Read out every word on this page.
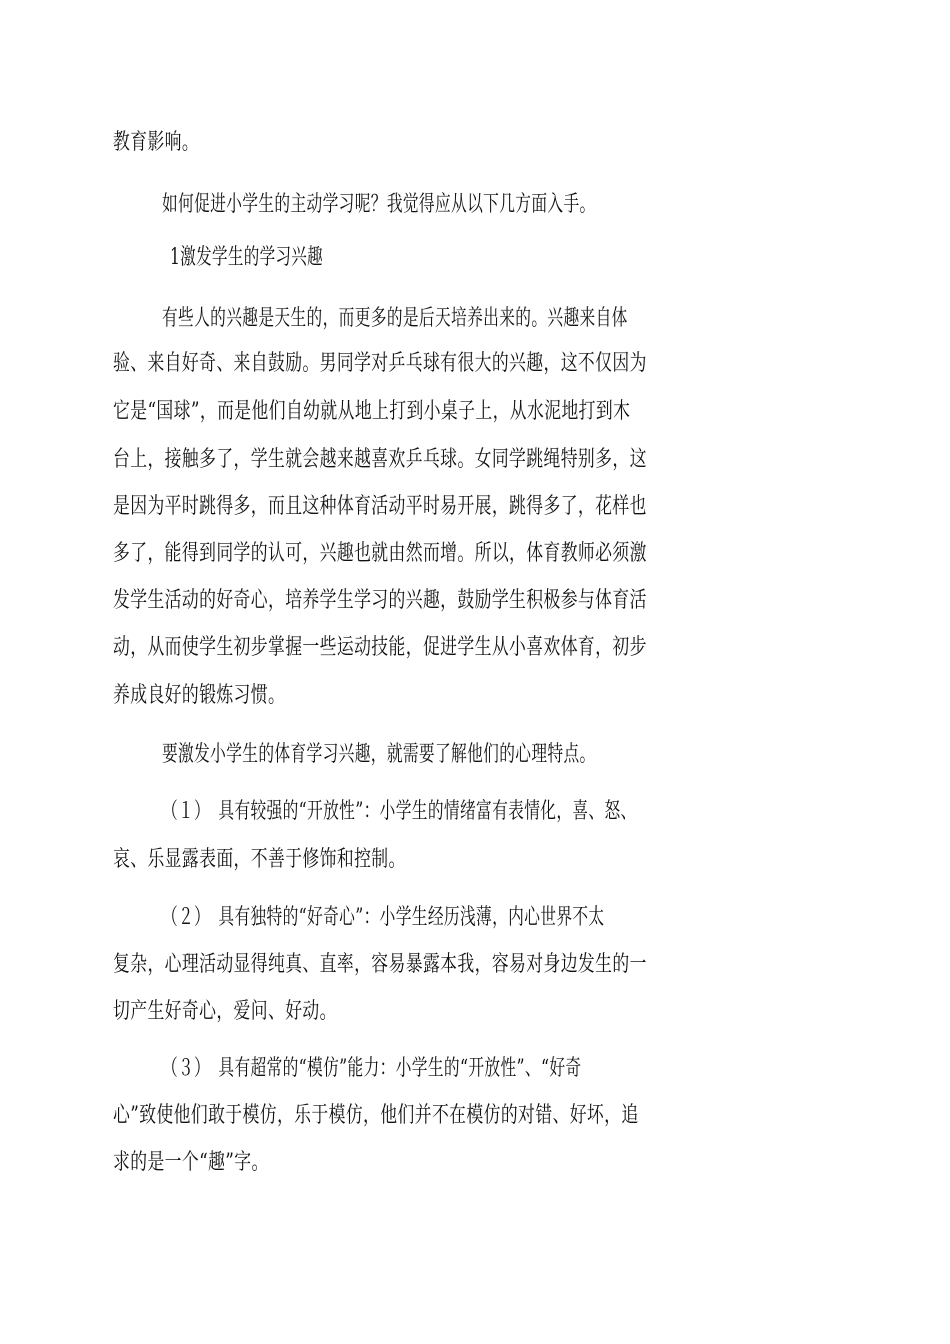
教育影响。
如何促进小学生的主动学习呢？我觉得应从以下几方面入手。
1激发学生的学习兴趣
有些人的兴趣是天生的，而更多的是后天培养出来的。兴趣来自体
验、来自好奇、来自鼓励。男同学对乒乓球有很大的兴趣，这不仅因为
它是“国球”，而是他们自幼就从地上打到小桌子上，从水泥地打到木
台上，接触多了，学生就会越来越喜欢乒乓球。女同学跳绳特别多，这
是因为平时跳得多，而且这种体育活动平时易开展，跳得多了，花样也
多了，能得到同学的认可，兴趣也就由然而增。所以，体育教师必须激
发学生活动的好奇心，培养学生学习的兴趣，鼓励学生积极参与体育活
动，从而使学生初步掌握一些运动技能，促进学生从小喜欢体育，初步
养成良好的锻炼习惯。
要激发小学生的体育学习兴趣，就需要了解他们的心理特点。
（１）　具有较强的“开放性”：小学生的情绪富有表情化，喜、怒、
哀、乐显露表面，不善于修饰和控制。
（２）　具有独特的“好奇心”：小学生经历浅薄，内心世界不太
复杂，心理活动显得纯真、直率，容易暴露本我，容易对身边发生的一
切产生好奇心，爱问、好动。
（３）　具有超常的“模仿”能力：小学生的“开放性”、“好奇
心”致使他们敢于模仿，乐于模仿，他们并不在模仿的对错、好坏，追
求的是一个“趣”字。
